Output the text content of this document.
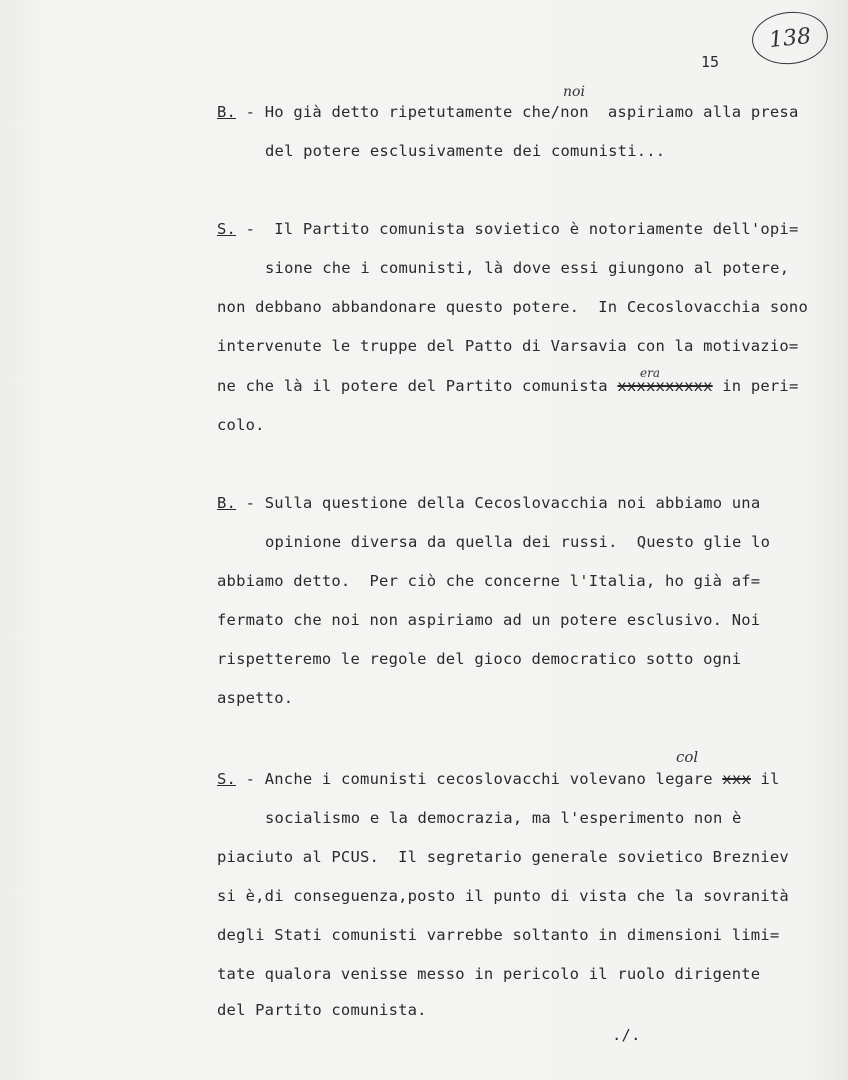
138
15
noi
B. - Ho già detto ripetutamente che/non  aspiriamo alla presa
del potere esclusivamente dei comunisti...
S. - Il Partito comunista sovietico è notoriamente dell'opi=
sione che i comunisti, là dove essi giungono al potere,
non debbano abbandonare questo potere.  In Cecoslovacchia sono
intervenute le truppe del Patto di Varsavia con la motivazio=
era
ne che là il potere del Partito comunista xxxxxxxxxx in peri=
colo.
B. - Sulla questione della Cecoslovacchia noi abbiamo una
opinione diversa da quella dei russi.  Questo glie lo
abbiamo detto.  Per ciò che concerne l'Italia, ho già af=
fermato che noi non aspiriamo ad un potere esclusivo. Noi
rispetteremo le regole del gioco democratico sotto ogni
aspetto.
col
S. - Anche i comunisti cecoslovacchi volevano legare xxx il
socialismo e la democrazia, ma l'esperimento non è
piaciuto al PCUS.  Il segretario generale sovietico Brezniev
si è,di conseguenza,posto il punto di vista che la sovranità
degli Stati comunisti varrebbe soltanto in dimensioni limi=
tate qualora venisse messo in pericolo il ruolo dirigente
del Partito comunista.
./.
